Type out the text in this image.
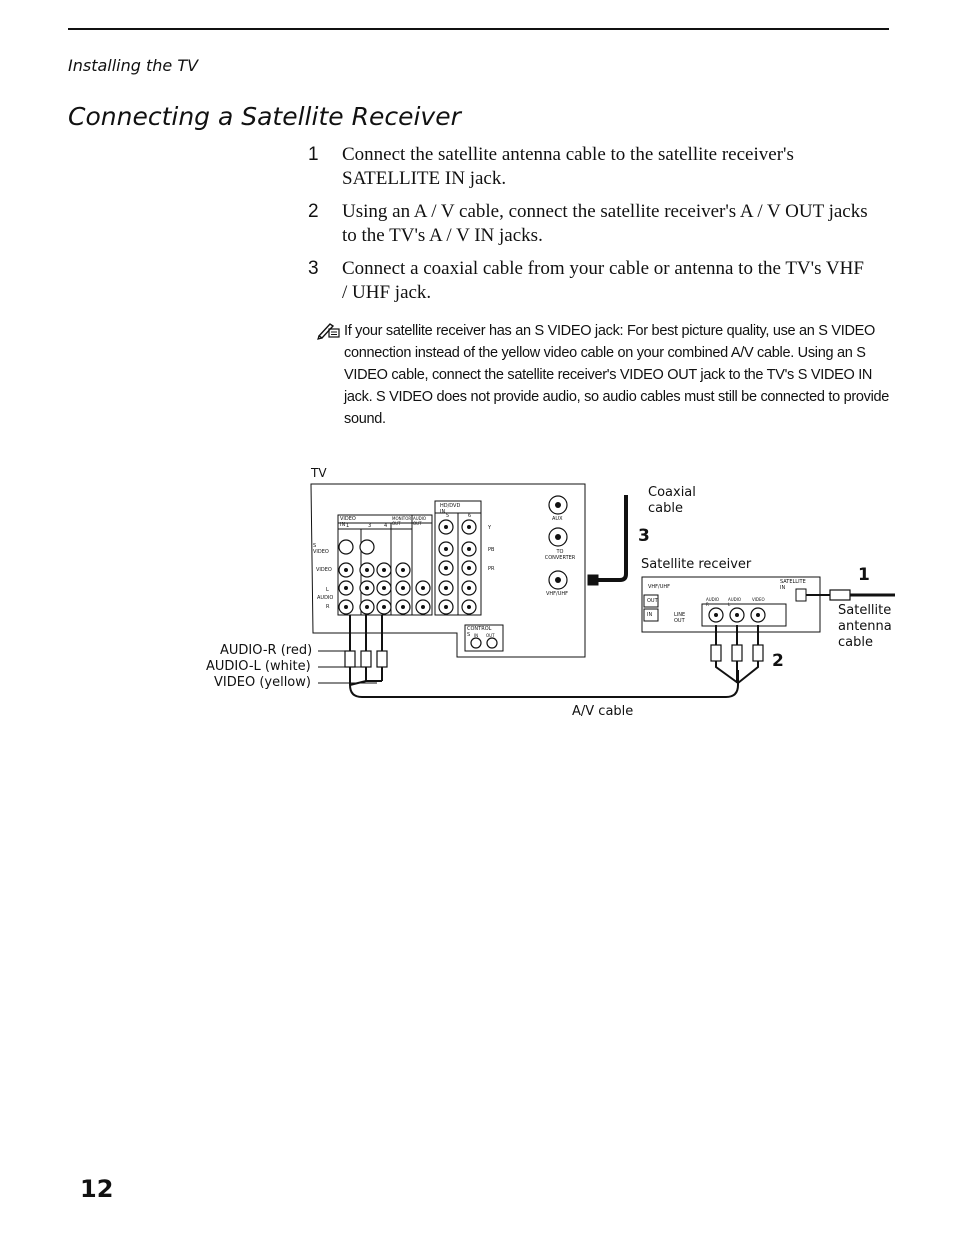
Installing the TV
Connecting a Satellite Receiver
1 Connect the satellite antenna cable to the satellite receiver's SATELLITE IN jack.
2 Using an A / V cable, connect the satellite receiver's A / V OUT jacks to the TV's A / V IN jacks.
3 Connect a coaxial cable from your cable or antenna to the TV's VHF / UHF jack.
If your satellite receiver has an S VIDEO jack: For best picture quality, use an S VIDEO connection instead of the yellow video cable on your combined A/V cable. Using an S VIDEO cable, connect the satellite receiver's VIDEO OUT jack to the TV's S VIDEO IN jack. S VIDEO does not provide audio, so audio cables must still be connected to provide sound.
TV
Coaxial cable
3
Satellite receiver
1
Satellite antenna cable
2
AUDIO-R (red)
AUDIO-L (white)
VIDEO (yellow)
A/V cable
VIDEO IN
MONITOR OUT
AUDIO OUT
HD/DVD IN
1	3	4
5	6
S VIDEO
VIDEO
AUDIO
L
R
Y
PB
PR
AUX
TO CONVERTER
VHF/UHF
CONTROL S
VHF/UHF
SATELLITE IN
OUT
IN	LINE OUT
AUDIO R
AUDIO L
VIDEO
IN OUT
12
